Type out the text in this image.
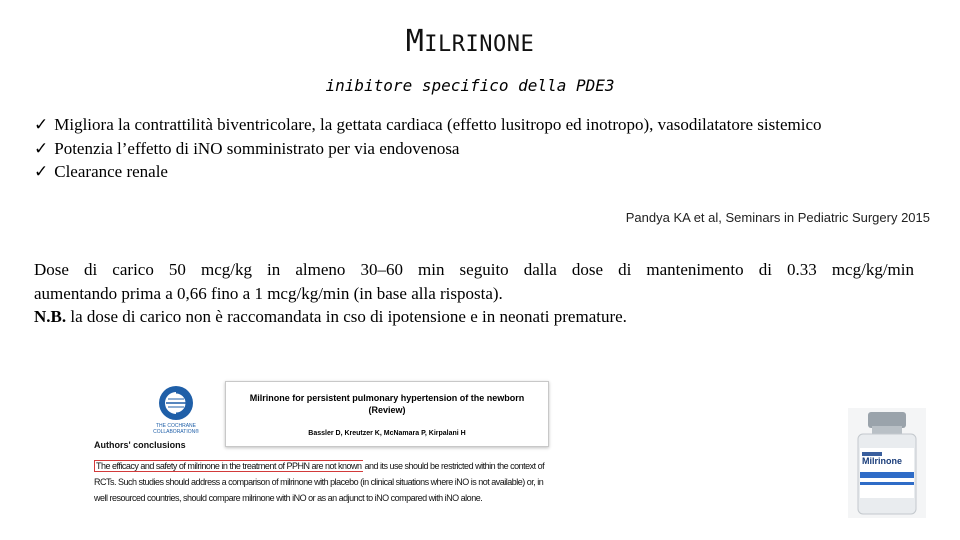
MILRINONE
inibitore specifico della PDE3
✓ Migliora la contrattilità biventricolare, la gettata cardiaca (effetto lusitropo ed inotropo), vasodilatatore sistemico
✓ Potenzia l’effetto di iNO somministrato per via endovenosa
✓ Clearance renale
Pandya KA et al, Seminars in Pediatric Surgery 2015

Dose di carico 50 mcg/kg in almeno 30–60 min seguito dalla dose di mantenimento di 0.33 mcg/kg/min

aumentando prima a 0,66 fino a 1 mcg/kg/min (in base alla risposta).

N.B. la dose di carico non è raccomandata in cso di ipotensione e in neonati premature.

THE COCHRANE COLLABORATION®
Milrinone for persistent pulmonary hypertension of the newborn (Review)
Bassler D, Kreutzer K, McNamara P, Kirpalani H
Authors' conclusions
The efficacy and safety of milrinone in the treatment of PPHN are not known and its use should be restricted within the context of
RCTs. Such studies should address a comparison of milrinone with placebo (in clinical situations where iNO is not available) or, in
well resourced countries, should compare milrinone with iNO or as an adjunct to iNO compared with iNO alone.
Milrinone
